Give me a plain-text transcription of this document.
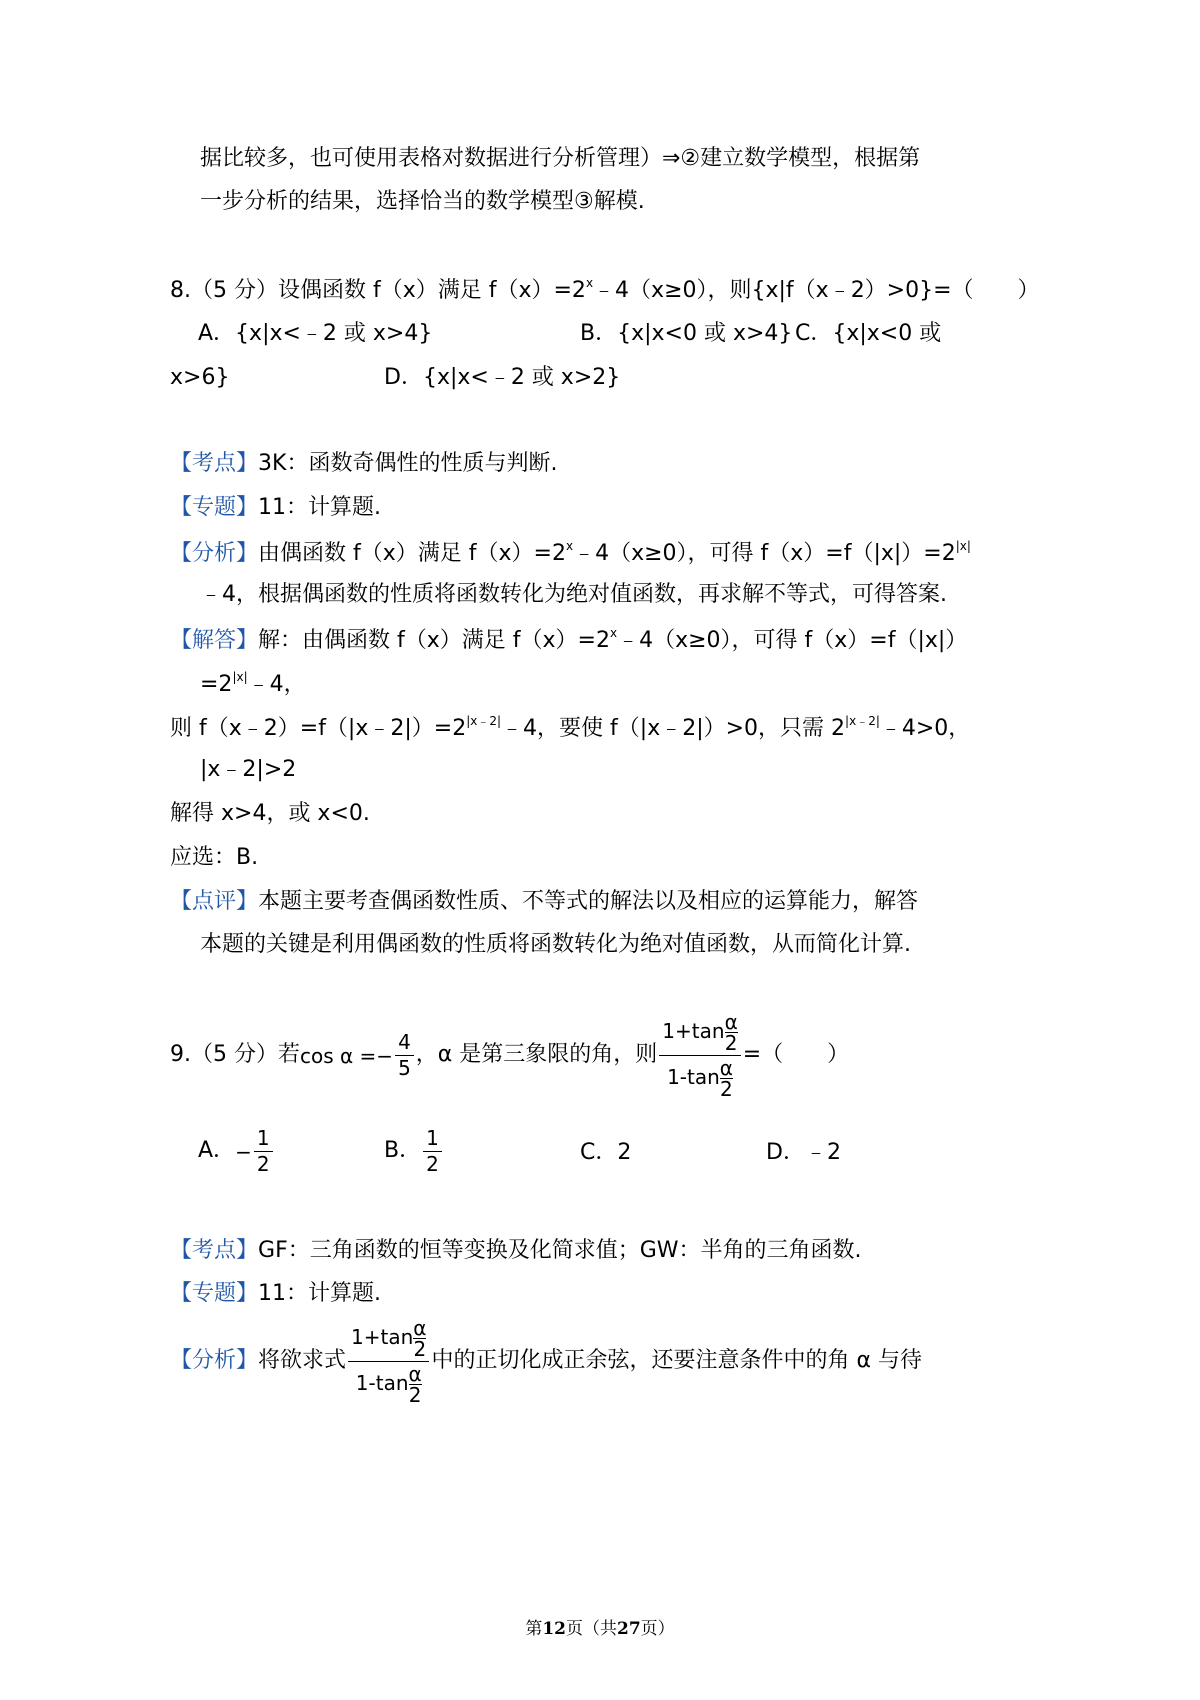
据比较多，也可使用表格对数据进行分析管理）⇒②建立数学模型，根据第
一步分析的结果，选择恰当的数学模型③解模.
8.（5 分）设偶函数 f（x）满足 $f(x)=2^x﹣4(x\ge 0)$，则{x|f（x﹣2）>0}=（　　）
A．{x|x<﹣2 或 x>4}	B．{x|x<0 或 x>4} C．{x|x<0 或
x>6}	D．{x|x<﹣2 或 x>2}
【考点】3K：函数奇偶性的性质与判断.
【专题】11：计算题.
【分析】由偶函数 f（x）满足 $f(x)=2^x﹣4(x\ge 0)$，可得 $f(x)=f(|x|)=2^{|x|}$
﹣4，根据偶函数的性质将函数转化为绝对值函数，再求解不等式，可得答案.
【解答】解：由偶函数 f（x）满足 $f(x)=2^x﹣4(x\ge 0)$，可得 f（x）=f（|x|）
$=2^{|x|}﹣4$，
则 $f(x﹣2)=f(|x﹣2|)=2^{|x﹣2|}﹣4$，要使 f（|x﹣2|）>0，只需 $2^{|x﹣2|}﹣4>0$，
|x﹣2|>2
解得 x>4，或 x<0.
应选：B.
【点评】本题主要考查偶函数性质、不等式的解法以及相应的运算能力，解答
本题的关键是利用偶函数的性质将函数转化为绝对值函数，从而简化计算.
9.（5 分）若$\cos \alpha =- \frac{4}{5}$ ，α 是第三象限的角，则 $\frac{1+\tan \frac{\alpha}{2}}{1-\tan \frac{\alpha}{2}}$ =（　　）
A．− $\frac{1}{2}$	B． $\frac{1}{2}$	C．2	D．﹣2
【考点】GF：三角函数的恒等变换及化简求值；GW：半角的三角函数.
【专题】11：计算题.
【分析】将欲求式 $\frac{1+\tan \frac{\alpha}{2}}{1-\tan \frac{\alpha}{2}}$ 中的正切化成正余弦，还要注意条件中的角 α 与待
第12页（共27页）
